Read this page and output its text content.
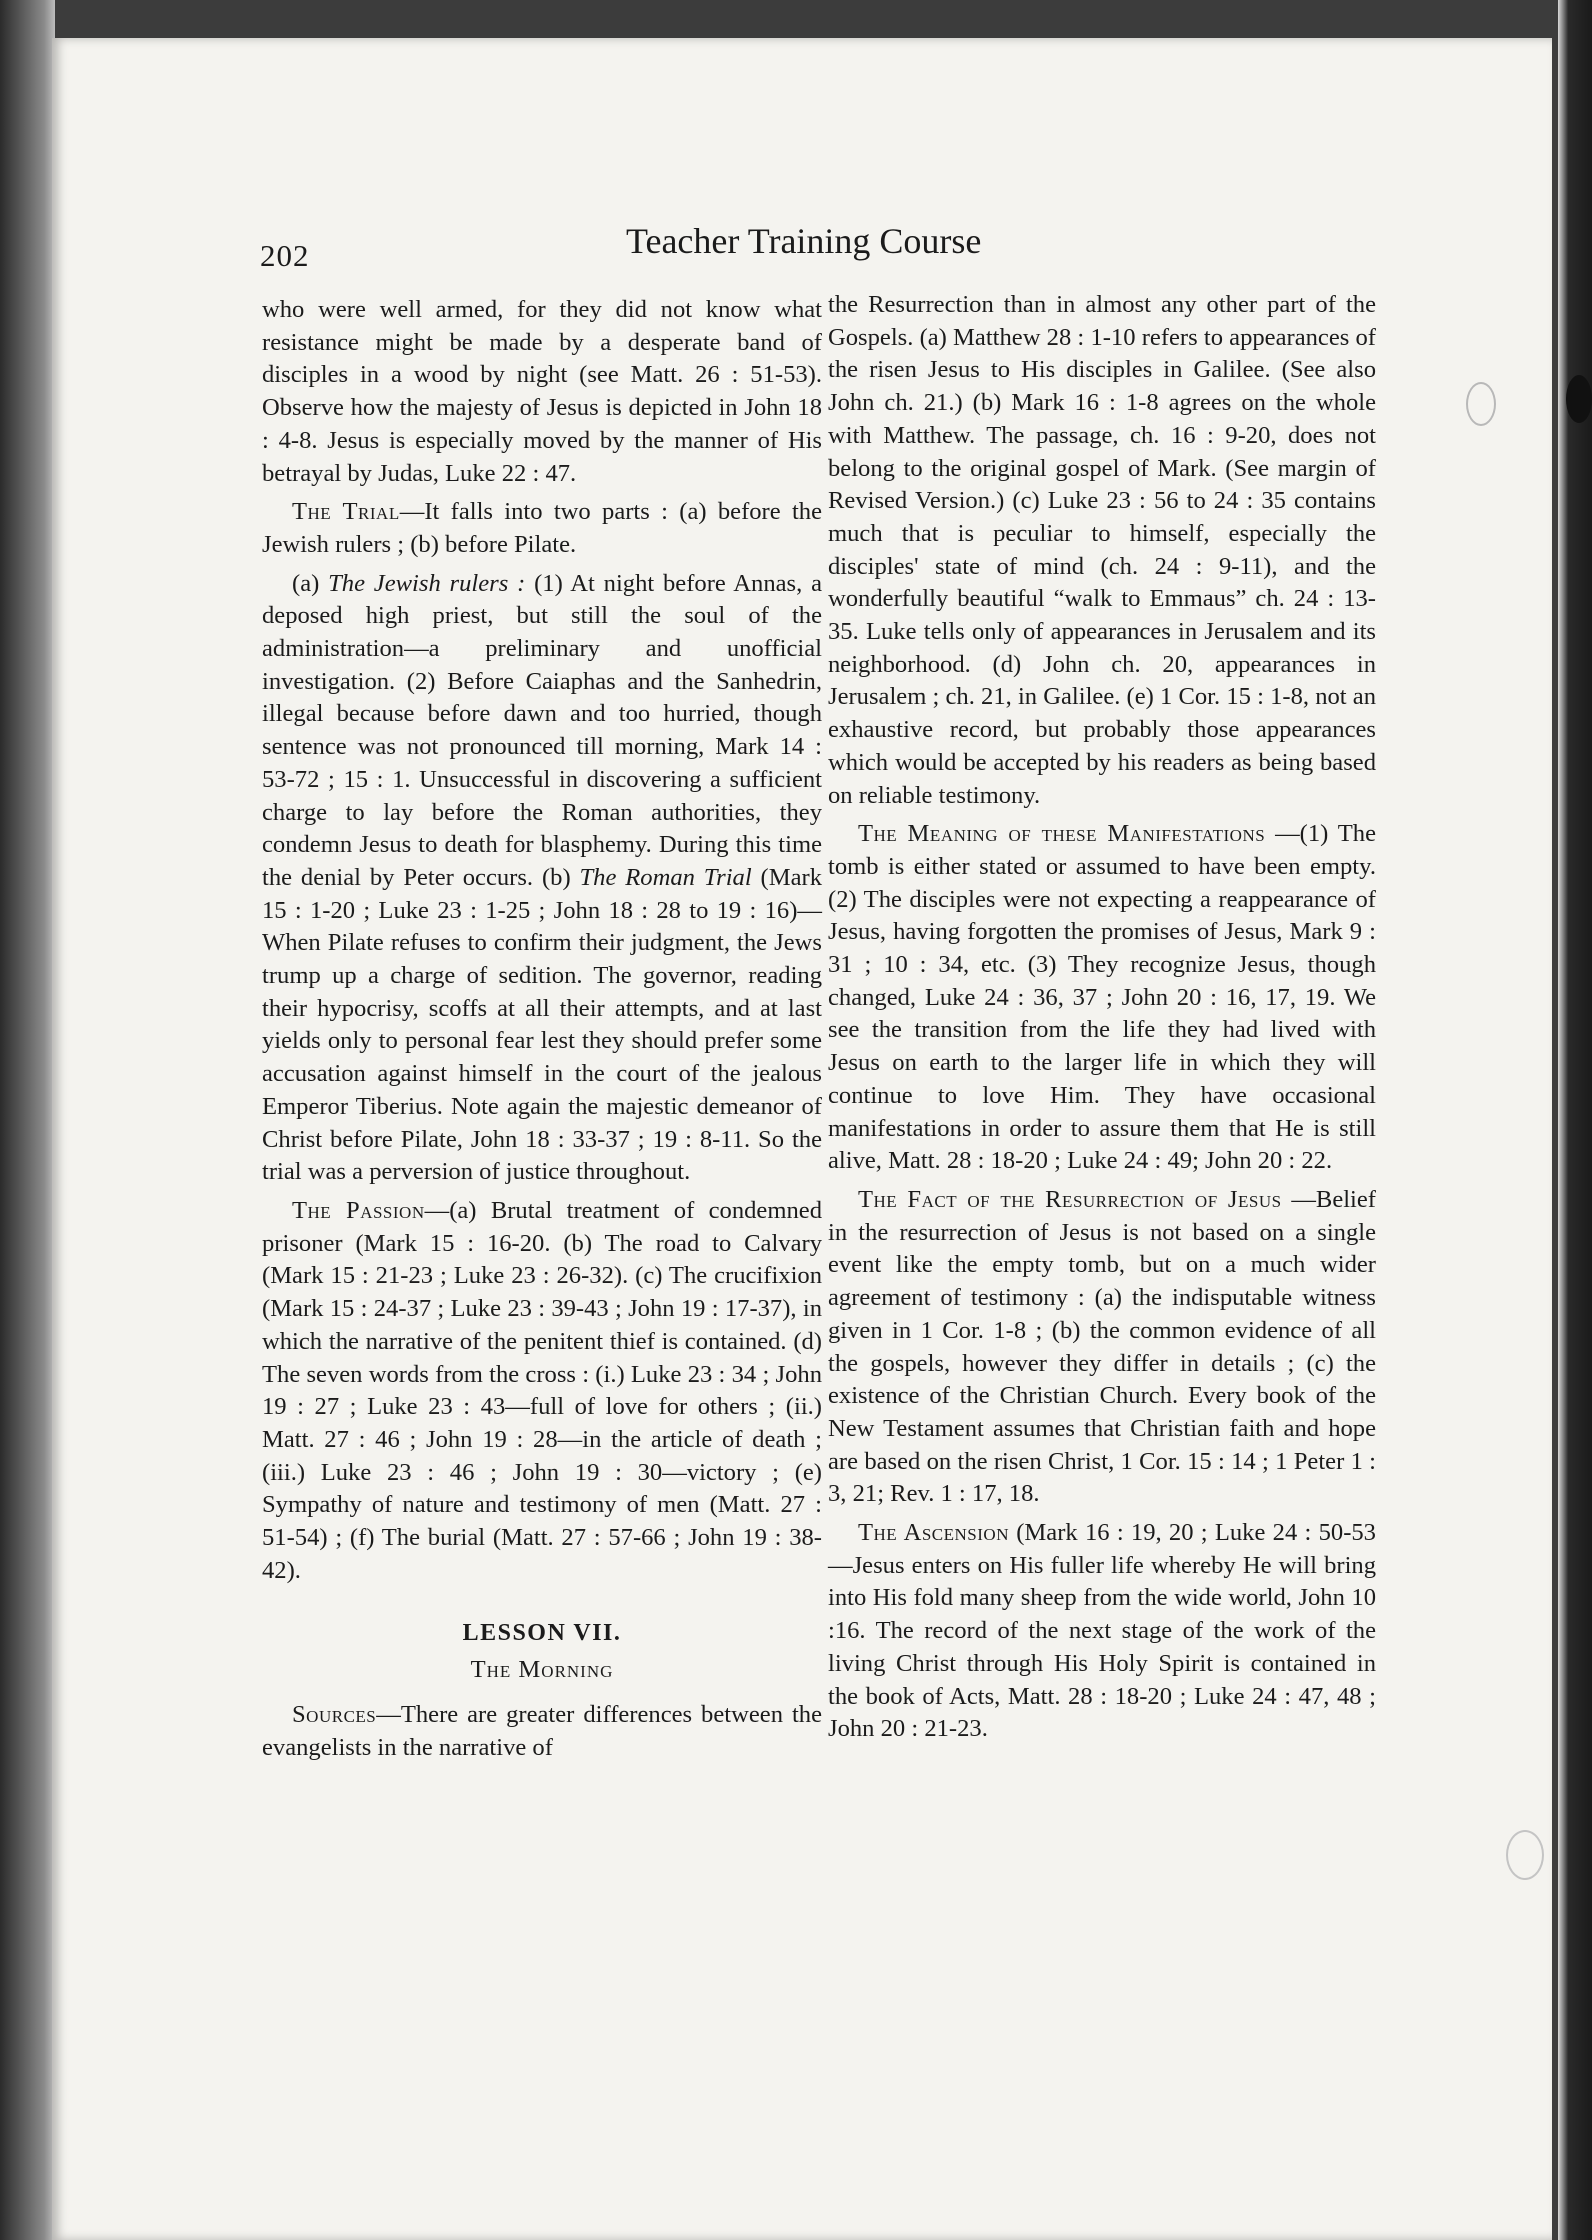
202	Teacher Training Course

who were well armed, for they did not know what resistance might be made by a desperate band of disciples in a wood by night (see Matt. 26 : 51-53). Observe how the majesty of Jesus is depicted in John 18 : 4-8. Jesus is especially moved by the manner of His betrayal by Judas, Luke 22 : 47.

The Trial—It falls into two parts : (a) before the Jewish rulers ; (b) before Pilate.

(a) The Jewish rulers : (1) At night before Annas, a deposed high priest, but still the soul of the administration—a preliminary and unofficial investigation. (2) Before Caiaphas and the Sanhedrin, illegal because before dawn and too hurried, though sentence was not pronounced till morning, Mark 14 : 53-72 ; 15 : 1. Unsuccessful in discovering a sufficient charge to lay before the Roman authorities, they condemn Jesus to death for blasphemy. During this time the denial by Peter occurs. (b) The Roman Trial (Mark 15 : 1-20 ; Luke 23 : 1-25 ; John 18 : 28 to 19 : 16)—When Pilate refuses to confirm their judgment, the Jews trump up a charge of sedition. The governor, reading their hypocrisy, scoffs at all their attempts, and at last yields only to personal fear lest they should prefer some accusation against himself in the court of the jealous Emperor Tiberius. Note again the majestic demeanor of Christ before Pilate, John 18 : 33-37 ; 19 : 8-11. So the trial was a perversion of justice throughout.

The Passion—(a) Brutal treatment of condemned prisoner (Mark 15 : 16-20. (b) The road to Calvary (Mark 15 : 21-23 ; Luke 23 : 26-32). (c) The crucifixion (Mark 15 : 24-37 ; Luke 23 : 39-43 ; John 19 : 17-37), in which the narrative of the penitent thief is contained. (d) The seven words from the cross : (i.) Luke 23 : 34 ; John 19 : 27 ; Luke 23 : 43—full of love for others ; (ii.) Matt. 27 : 46 ; John 19 : 28—in the article of death ; (iii.) Luke 23 : 46 ; John 19 : 30—victory ; (e) Sympathy of nature and testimony of men (Matt. 27 : 51-54) ; (f) The burial (Matt. 27 : 57-66 ; John 19 : 38-42).

LESSON VII.

The Morning

Sources—There are greater differences between the evangelists in the narrative of

the Resurrection than in almost any other part of the Gospels. (a) Matthew 28 : 1-10 refers to appearances of the risen Jesus to His disciples in Galilee. (See also John ch. 21.) (b) Mark 16 : 1-8 agrees on the whole with Matthew. The passage, ch. 16 : 9-20, does not belong to the original gospel of Mark. (See margin of Revised Version.) (c) Luke 23 : 56 to 24 : 35 contains much that is peculiar to himself, especially the disciples' state of mind (ch. 24 : 9-11), and the wonderfully beautiful “walk to Emmaus” ch. 24 : 13-35. Luke tells only of appearances in Jerusalem and its neighborhood. (d) John ch. 20, appearances in Jerusalem ; ch. 21, in Galilee. (e) 1 Cor. 15 : 1-8, not an exhaustive record, but probably those appearances which would be accepted by his readers as being based on reliable testimony.

The Meaning of these Manifestations —(1) The tomb is either stated or assumed to have been empty. (2) The disciples were not expecting a reappearance of Jesus, having forgotten the promises of Jesus, Mark 9 : 31 ; 10 : 34, etc. (3) They recognize Jesus, though changed, Luke 24 : 36, 37 ; John 20 : 16, 17, 19. We see the transition from the life they had lived with Jesus on earth to the larger life in which they will continue to love Him. They have occasional manifestations in order to assure them that He is still alive, Matt. 28 : 18-20 ; Luke 24 : 49; John 20 : 22.

The Fact of the Resurrection of Jesus —Belief in the resurrection of Jesus is not based on a single event like the empty tomb, but on a much wider agreement of testimony : (a) the indisputable witness given in 1 Cor. 1-8 ; (b) the common evidence of all the gospels, however they differ in details ; (c) the existence of the Christian Church. Every book of the New Testament assumes that Christian faith and hope are based on the risen Christ, 1 Cor. 15 : 14 ; 1 Peter 1 : 3, 21; Rev. 1 : 17, 18.

The Ascension (Mark 16 : 19, 20 ; Luke 24 : 50-53—Jesus enters on His fuller life whereby He will bring into His fold many sheep from the wide world, John 10 :16. The record of the next stage of the work of the living Christ through His Holy Spirit is contained in the book of Acts, Matt. 28 : 18-20 ; Luke 24 : 47, 48 ; John 20 : 21-23.
